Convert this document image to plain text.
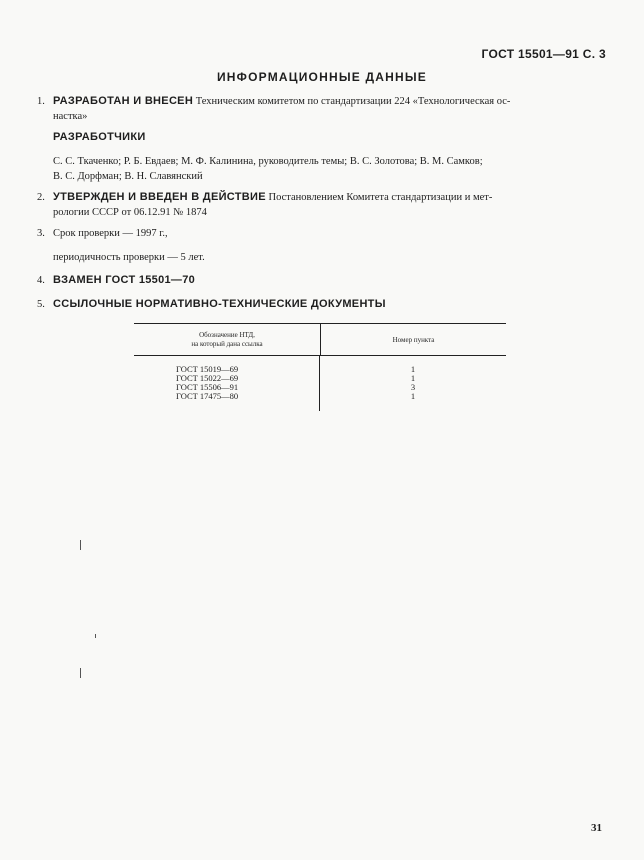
ГОСТ 15501—91 С. 3
ИНФОРМАЦИОННЫЕ ДАННЫЕ
1. РАЗРАБОТАН И ВНЕСЕН Техническим комитетом по стандартизации 224 «Технологическая ос-
настка»
РАЗРАБОТЧИКИ
С. С. Ткаченко; Р. Б. Евдаев; М. Ф. Калинина, руководитель темы; В. С. Золотова; В. М. Самков;
В. С. Дорфман; В. Н. Славянский
2. УТВЕРЖДЕН И ВВЕДЕН В ДЕЙСТВИЕ Постановлением Комитета стандартизации и мет-
рологии СССР от 06.12.91 № 1874
3. Срок проверки — 1997 г.,
периодичность проверки — 5 лет.
4. ВЗАМЕН ГОСТ 15501—70
5. ССЫЛОЧНЫЕ НОРМАТИВНО-ТЕХНИЧЕСКИЕ ДОКУМЕНТЫ
Обозначение НТД,
на который дана ссылка	Номер пункта
ГОСТ 15019—69
ГОСТ 15022—69
ГОСТ 15506—91
ГОСТ 17475—80
1
1
3
1
31
